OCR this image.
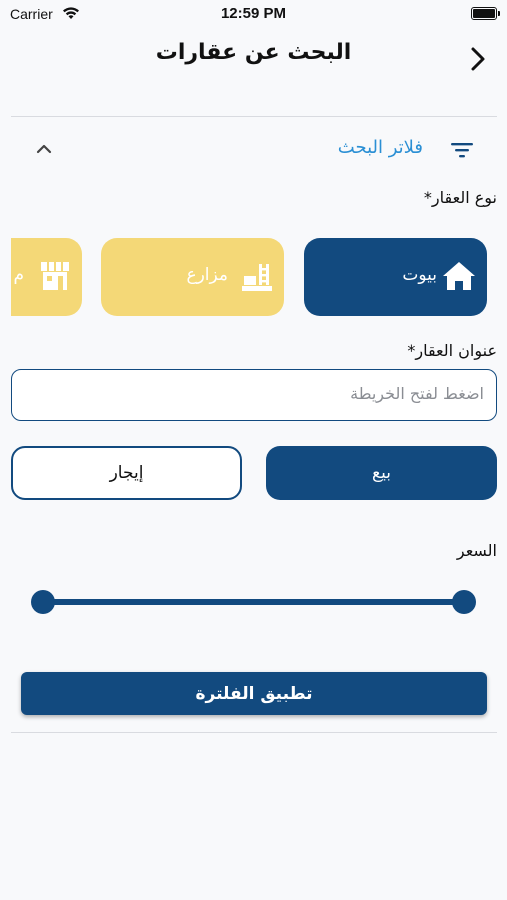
Carrier	12:59 PM
البحث عن عقارات
فلاتر البحث
نوع العقار*
بيوت
مزارع
م
عنوان العقار*
اضغط لفتح الخريطة
بيع
إيجار
السعر
تطبيق الفلترة
